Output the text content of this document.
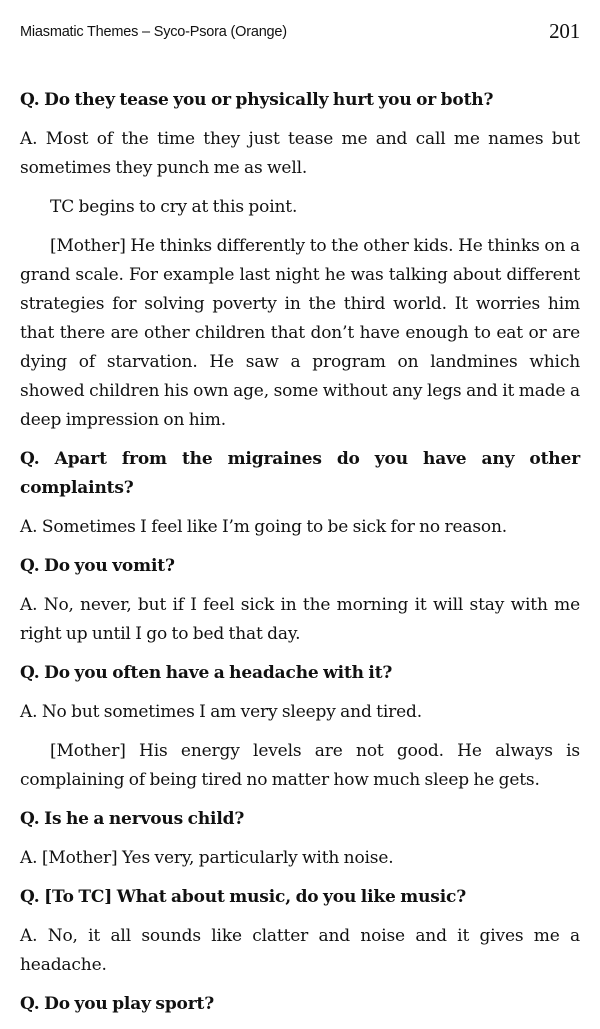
Miasmatic Themes – Syco-Psora (Orange)	201

Q. Do they tease you or physically hurt you or both?

A. Most of the time they just tease me and call me names but sometimes they punch me as well.

TC begins to cry at this point.

[Mother] He thinks differently to the other kids. He thinks on a grand scale. For example last night he was talking about different strategies for solving poverty in the third world. It worries him that there are other children that don’t have enough to eat or are dying of starvation. He saw a program on landmines which showed children his own age, some without any legs and it made a deep impression on him.

Q. Apart from the migraines do you have any other complaints?

A. Sometimes I feel like I’m going to be sick for no reason.

Q. Do you vomit?

A. No, never, but if I feel sick in the morning it will stay with me right up until I go to bed that day.

Q. Do you often have a headache with it?

A. No but sometimes I am very sleepy and tired.

[Mother] His energy levels are not good. He always is complaining of being tired no matter how much sleep he gets.

Q. Is he a nervous child?

A. [Mother] Yes very, particularly with noise.

Q. [To TC] What about music, do you like music?

A. No, it all sounds like clatter and noise and it gives me a headache.

Q. Do you play sport?
